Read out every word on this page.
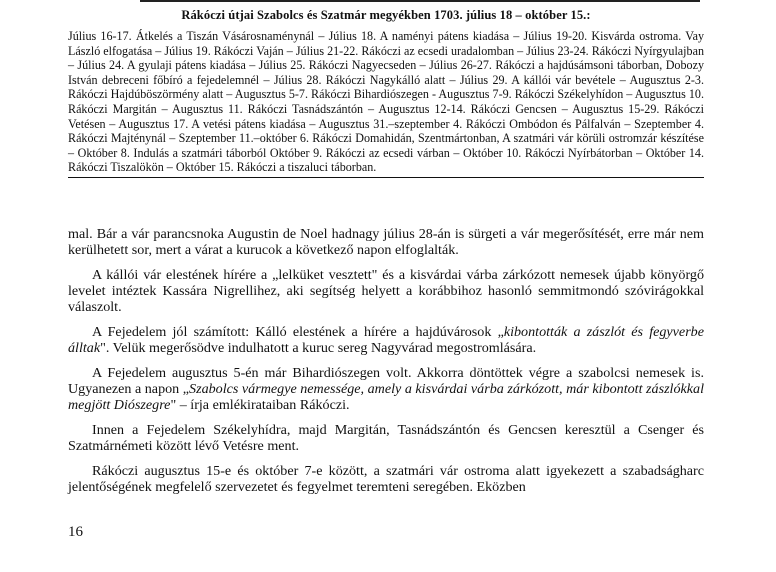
Rákóczi útjai Szabolcs és Szatmár megyékben 1703. július 18 – október 15.:

Július 16-17. Átkelés a Tiszán Vásárosnaménynál – Július 18. A naményi pátens kiadása – Július 19-20. Kisvárda ostroma. Vay László elfogatása – Július 19. Rákóczi Vaján – Július 21-22. Rákóczi az ecsedi uradalomban – Július 23-24. Rákóczi Nyírgyulajban – Július 24. A gyulaji pátens kiadása – Július 25. Rákóczi Nagyecseden – Július 26-27. Rákóczi a hajdúsámsoni táborban, Dobozy István debreceni főbíró a fejedelemnél – Július 28. Rákóczi Nagykálló alatt – Július 29. A kállói vár bevétele – Augusztus 2-3. Rákóczi Hajdúböszörmény alatt – Augusztus 5-7. Rákóczi Bihardiószegen - Augusztus 7-9. Rákóczi Székelyhídon – Augusztus 10. Rákóczi Margitán – Augusztus 11. Rákóczi Tasnádszántón – Augusztus 12-14. Rákóczi Gencsen – Augusztus 15-29. Rákóczi Vetésen – Augusztus 17. A vetési pátens kiadása – Augusztus 31.–szeptember 4. Rákóczi Ombódon és Pálfalván – Szeptember 4. Rákóczi Majténynál – Szeptember 11.–október 6. Rákóczi Domahidán, Szentmártonban, A szatmári vár körüli ostromzár készítése – Október 8. Indulás a szatmári táborból Október 9. Rákóczi az ecsedi várban – Október 10. Rákóczi Nyírbátorban – Október 14. Rákóczi Tiszalökön – Október 15. Rákóczi a tiszaluci táborban.

mal. Bár a vár parancsnoka Augustin de Noel hadnagy július 28-án is sürgeti a vár megerősítését, erre már nem kerülhetett sor, mert a várat a kurucok a következő napon elfoglalták.

A kállói vár elestének hírére a „lelküket vesztett" és a kisvárdai várba zárkózott nemesek újabb könyörgő levelet intéztek Kassára Nigrellihez, aki segítség helyett a korábbihoz hasonló semmitmondó szóvirágokkal válaszolt.

A Fejedelem jól számított: Kálló elestének a hírére a hajdúvárosok „kibontották a zászlót és fegyverbe álltak". Velük megerősödve indulhatott a kuruc sereg Nagyvárad megostromlására.

A Fejedelem augusztus 5-én már Bihardiószegen volt. Akkorra döntöttek végre a szabolcsi nemesek is. Ugyanezen a napon „Szabolcs vármegye nemessége, amely a kisvárdai várba zárkózott, már kibontott zászlókkal megjött Diószegre" – írja emlékirataiban Rákóczi.

Innen a Fejedelem Székelyhídra, majd Margitán, Tasnádszántón és Gencsen keresztül a Csenger és Szatmárnémeti között lévő Vetésre ment.

Rákóczi augusztus 15-e és október 7-e között, a szatmári vár ostroma alatt igyekezett a szabadságharc jelentőségének megfelelő szervezetet és fegyelmet teremteni seregében. Eközben

16
